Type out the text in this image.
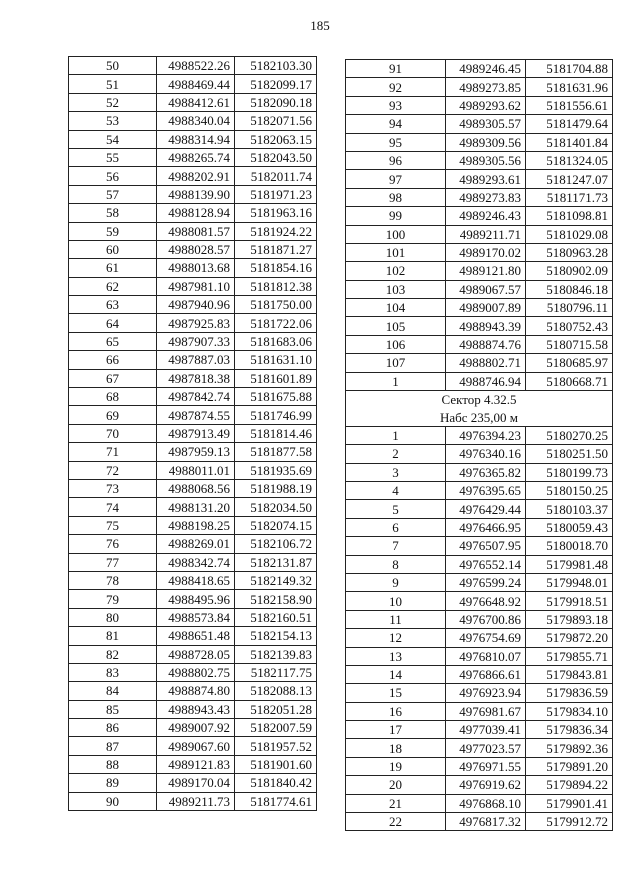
185
50	4988522.26	5182103.30
51	4988469.44	5182099.17
52	4988412.61	5182090.18
53	4988340.04	5182071.56
54	4988314.94	5182063.15
55	4988265.74	5182043.50
56	4988202.91	5182011.74
57	4988139.90	5181971.23
58	4988128.94	5181963.16
59	4988081.57	5181924.22
60	4988028.57	5181871.27
61	4988013.68	5181854.16
62	4987981.10	5181812.38
63	4987940.96	5181750.00
64	4987925.83	5181722.06
65	4987907.33	5181683.06
66	4987887.03	5181631.10
67	4987818.38	5181601.89
68	4987842.74	5181675.88
69	4987874.55	5181746.99
70	4987913.49	5181814.46
71	4987959.13	5181877.58
72	4988011.01	5181935.69
73	4988068.56	5181988.19
74	4988131.20	5182034.50
75	4988198.25	5182074.15
76	4988269.01	5182106.72
77	4988342.74	5182131.87
78	4988418.65	5182149.32
79	4988495.96	5182158.90
80	4988573.84	5182160.51
81	4988651.48	5182154.13
82	4988728.05	5182139.83
83	4988802.75	5182117.75
84	4988874.80	5182088.13
85	4988943.43	5182051.28
86	4989007.92	5182007.59
87	4989067.60	5181957.52
88	4989121.83	5181901.60
89	4989170.04	5181840.42
90	4989211.73	5181774.61
91	4989246.45	5181704.88
92	4989273.85	5181631.96
93	4989293.62	5181556.61
94	4989305.57	5181479.64
95	4989309.56	5181401.84
96	4989305.56	5181324.05
97	4989293.61	5181247.07
98	4989273.83	5181171.73
99	4989246.43	5181098.81
100	4989211.71	5181029.08
101	4989170.02	5180963.28
102	4989121.80	5180902.09
103	4989067.57	5180846.18
104	4989007.89	5180796.11
105	4988943.39	5180752.43
106	4988874.76	5180715.58
107	4988802.71	5180685.97
1	4988746.94	5180668.71
Сектор 4.32.5		
Набс 235,00 м		
1	4976394.23	5180270.25
2	4976340.16	5180251.50
3	4976365.82	5180199.73
4	4976395.65	5180150.25
5	4976429.44	5180103.37
6	4976466.95	5180059.43
7	4976507.95	5180018.70
8	4976552.14	5179981.48
9	4976599.24	5179948.01
10	4976648.92	5179918.51
11	4976700.86	5179893.18
12	4976754.69	5179872.20
13	4976810.07	5179855.71
14	4976866.61	5179843.81
15	4976923.94	5179836.59
16	4976981.67	5179834.10
17	4977039.41	5179836.34
18	4977023.57	5179892.36
19	4976971.55	5179891.20
20	4976919.62	5179894.22
21	4976868.10	5179901.41
22	4976817.32	5179912.72
